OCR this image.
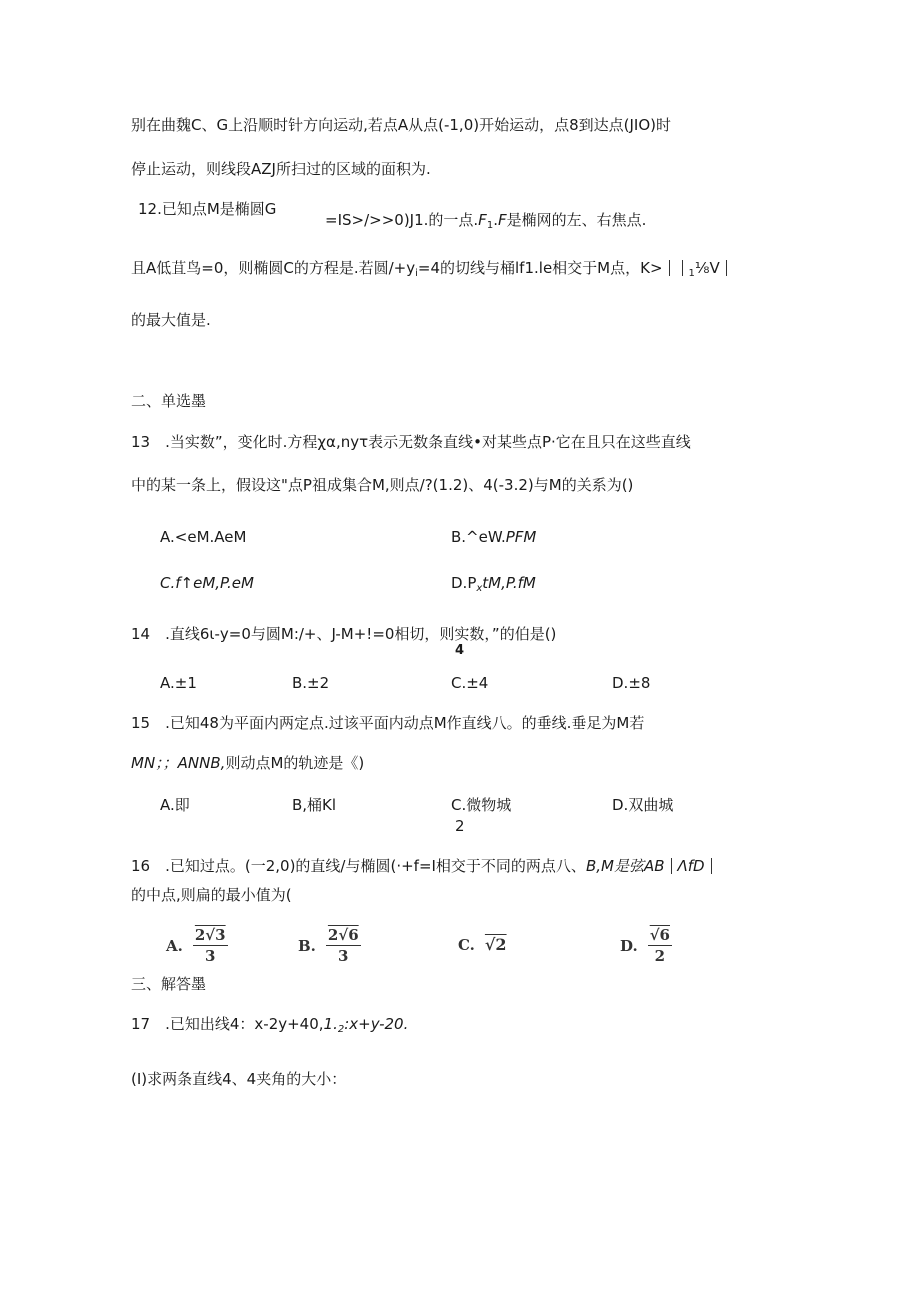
别在曲魏C、G上沿顺时针方向运动,若点A从点(-1,0)开始运动，点8到达点(JIO)时
停止运动，则线段AZJ所扫过的区域的面积为.
12.已知点M是椭圆G
=IS>/>>0)J1.的一点$.F_1.F$是椭网的左、右焦点.
且A低苴鸟=0，则椭圆C的方程是.若圆$/+y_i=4$的切线与桶lf1.le相交于M点，K>	$_1$⅛V
的最大值是.
二、单选墨
13　.当实数”，变化时.方程χα,nyτ表示无数条直线•对某些点P·它在且只在这些直线
中的某一条上，假设这"点P祖成集合M,则点/?(1.2)、4(-3.2)与M的关系为()
A.<eM.AeM	B.^eW.PFM
C.f↑eM,P.eM	$D.P_xtM,P.fM$
14　.直线6ι-y=0与圆M:/+、J-M+!=0相切，则实数，”的伯是()
4
A.±1	B.±2	C.±4	D.±8
15　.已知48为平面内两定点.过该平面内动点M作直线八。的垂线.垂足为M若
MN；；ANNB,则动点M的轨迹是《)
A.即	B,桶Kl	C.微物城	D.双曲城
2
16　.已知过点。(一2,0)的直线/与椭圆(·+f=I相交于不同的两点八、B,M是弦AB ΛfD
的中点,则扁的最小值为(
A. $\frac{2√3}{3}$	B. $\frac{2√6}{3}$	C. √2	D. $\frac{√6}{2}$
三、解答墨
17　.已知出线4：$x-2y+40,1._2:x+y-20$.
(I)求两条直线4、4夹角的大小：
